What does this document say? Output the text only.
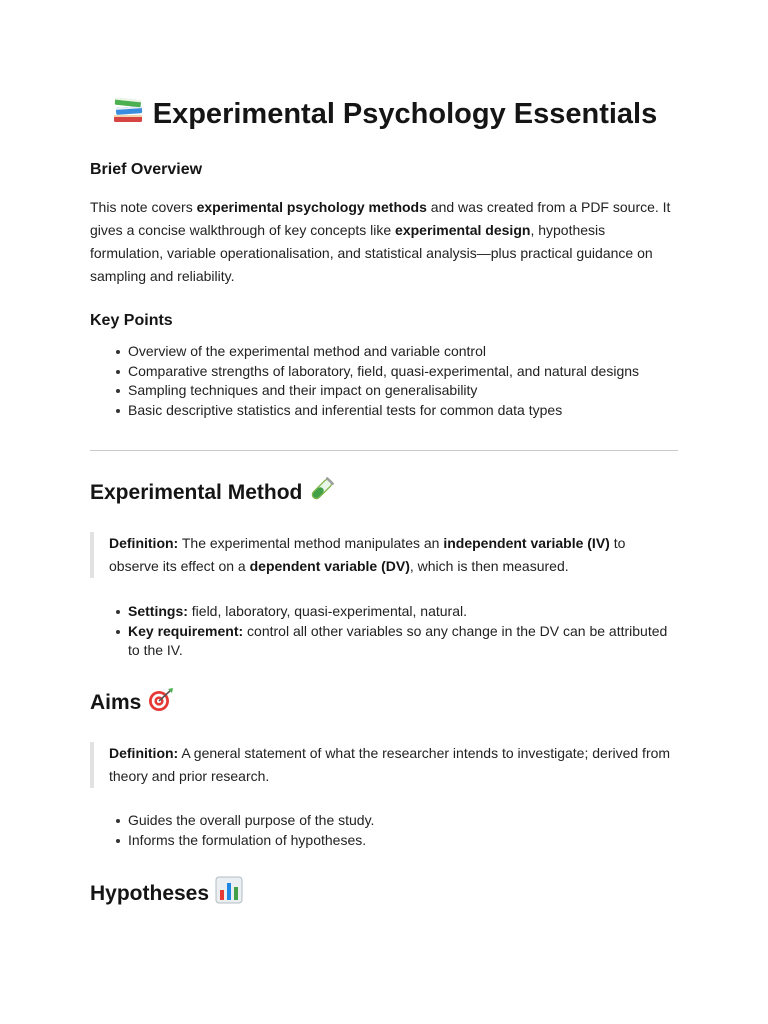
Experimental Psychology Essentials
Brief Overview

This note covers experimental psychology methods and was created from a PDF source. It gives a concise walkthrough of key concepts like experimental design, hypothesis formulation, variable operationalisation, and statistical analysis—plus practical guidance on sampling and reliability.

Key Points
Overview of the experimental method and variable control
Comparative strengths of laboratory, field, quasi-experimental, and natural designs
Sampling techniques and their impact on generalisability
Basic descriptive statistics and inferential tests for common data types
Experimental Method
Definition: The experimental method manipulates an independent variable (IV) to observe its effect on a dependent variable (DV), which is then measured.
Settings: field, laboratory, quasi-experimental, natural.
Key requirement: control all other variables so any change in the DV can be attributed to the IV.
Aims
Definition: A general statement of what the researcher intends to investigate; derived from theory and prior research.
Guides the overall purpose of the study.
Informs the formulation of hypotheses.
Hypotheses
